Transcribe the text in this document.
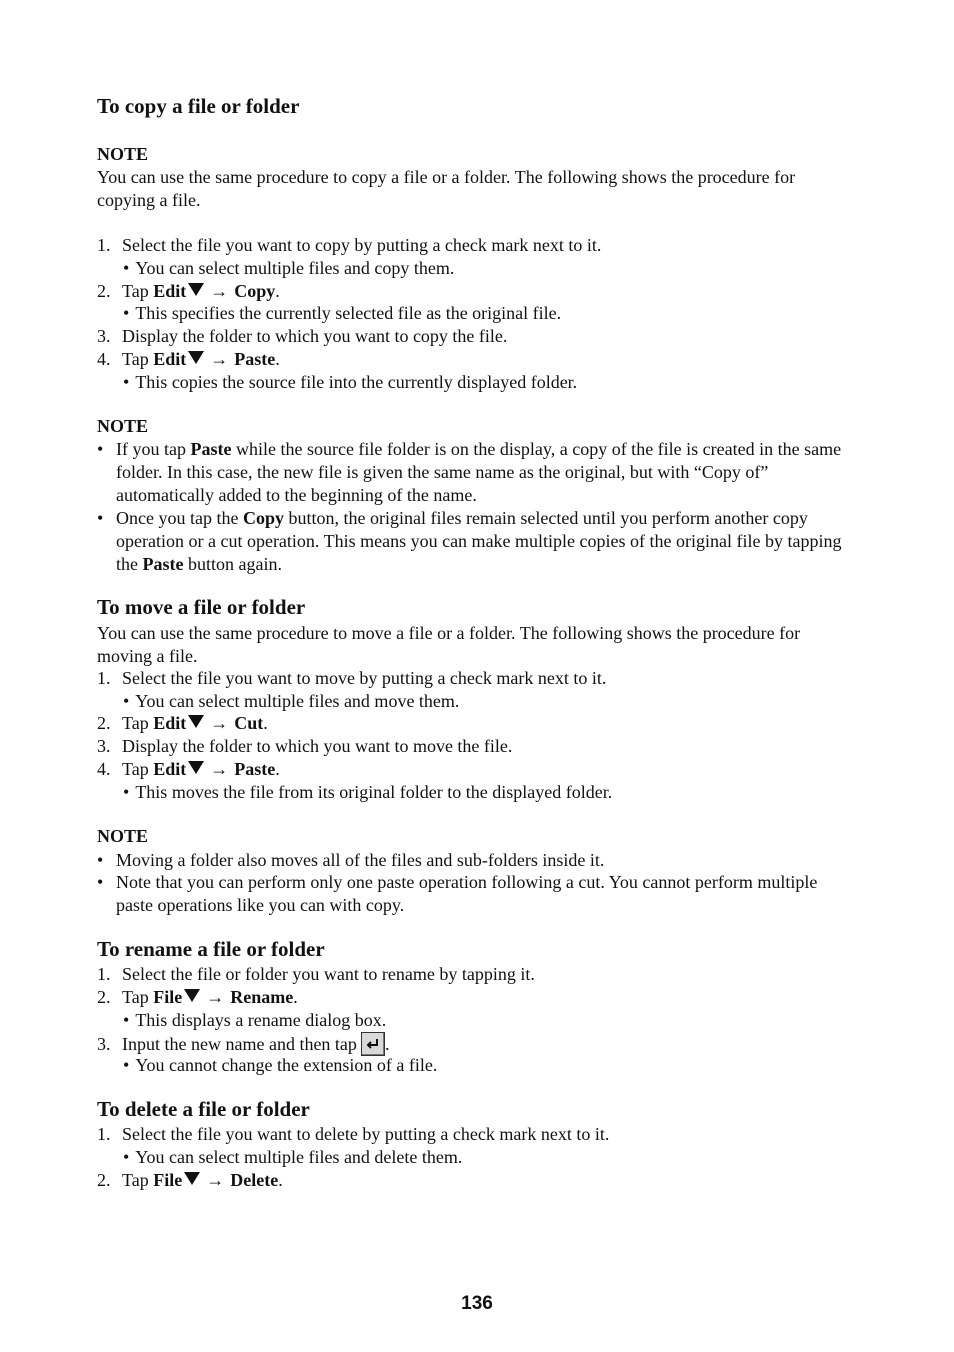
To copy a file or folder
NOTE
You can use the same procedure to copy a file or a folder. The following shows the procedure for copying a file.
1. Select the file you want to copy by putting a check mark next to it.
• You can select multiple files and copy them.
2. Tap Edit → Copy.
• This specifies the currently selected file as the original file.
3. Display the folder to which you want to copy the file.
4. Tap Edit → Paste.
• This copies the source file into the currently displayed folder.
NOTE
• If you tap Paste while the source file folder is on the display, a copy of the file is created in the same folder. In this case, the new file is given the same name as the original, but with “Copy of” automatically added to the beginning of the name.
• Once you tap the Copy button, the original files remain selected until you perform another copy operation or a cut operation. This means you can make multiple copies of the original file by tapping the Paste button again.
To move a file or folder
You can use the same procedure to move a file or a folder. The following shows the procedure for moving a file.
1. Select the file you want to move by putting a check mark next to it.
• You can select multiple files and move them.
2. Tap Edit → Cut.
3. Display the folder to which you want to move the file.
4. Tap Edit → Paste.
• This moves the file from its original folder to the displayed folder.
NOTE
• Moving a folder also moves all of the files and sub-folders inside it.
• Note that you can perform only one paste operation following a cut. You cannot perform multiple paste operations like you can with copy.
To rename a file or folder
1. Select the file or folder you want to rename by tapping it.
2. Tap File → Rename.
• This displays a rename dialog box.
3. Input the new name and then tap .
• You cannot change the extension of a file.
To delete a file or folder
1. Select the file you want to delete by putting a check mark next to it.
• You can select multiple files and delete them.
2. Tap File → Delete.
136
